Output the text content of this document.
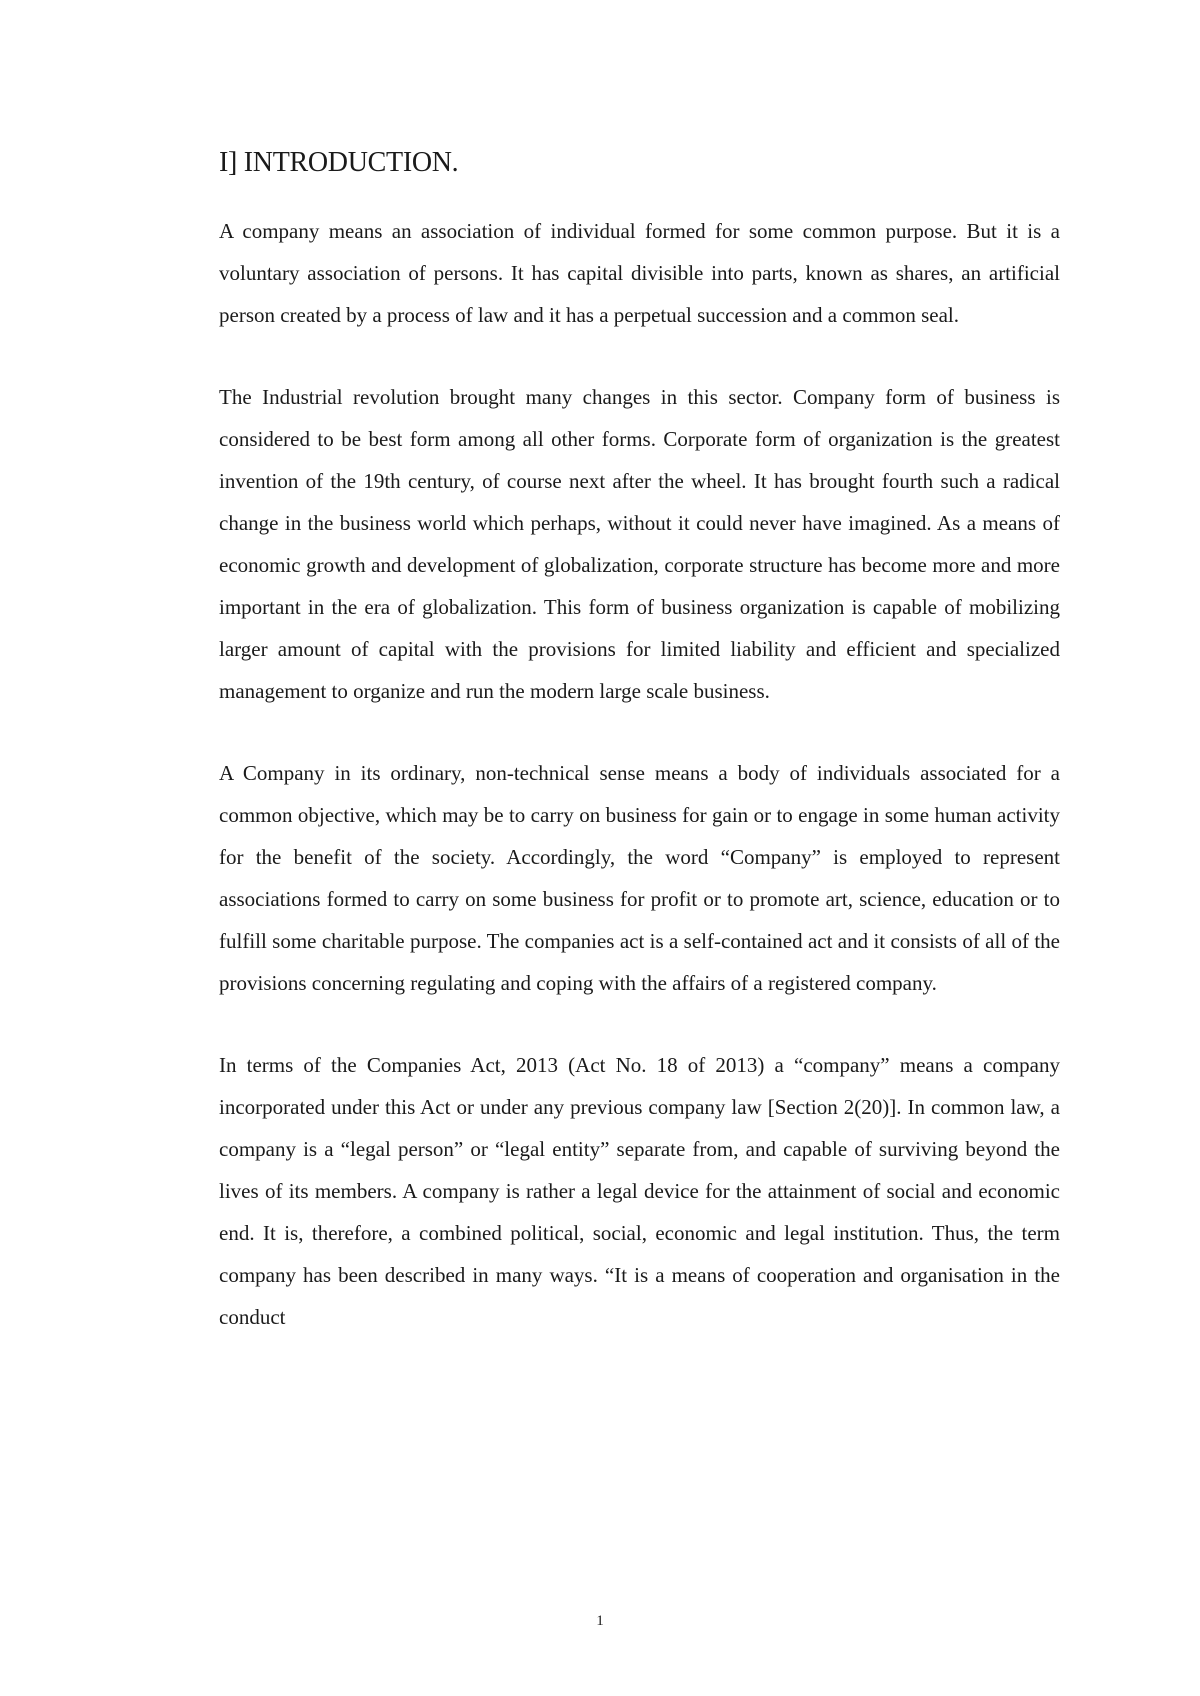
I] INTRODUCTION.

A company means an association of individual formed for some common purpose. But it is a voluntary association of persons. It has capital divisible into parts, known as shares, an artificial person created by a process of law and it has a perpetual succession and a common seal.

The Industrial revolution brought many changes in this sector. Company form of business is considered to be best form among all other forms. Corporate form of organization is the greatest invention of the 19th century, of course next after the wheel. It has brought fourth such a radical change in the business world which perhaps, without it could never have imagined. As a means of economic growth and development of globalization, corporate structure has become more and more important in the era of globalization. This form of business organization is capable of mobilizing larger amount of capital with the provisions for limited liability and efficient and specialized management to organize and run the modern large scale business.

A Company in its ordinary, non-technical sense means a body of individuals associated for a common objective, which may be to carry on business for gain or to engage in some human activity for the benefit of the society. Accordingly, the word “Company” is employed to represent associations formed to carry on some business for profit or to promote art, science, education or to fulfill some charitable purpose. The companies act is a self-contained act and it consists of all of the provisions concerning regulating and coping with the affairs of a registered company.

In terms of the Companies Act, 2013 (Act No. 18 of 2013) a “company” means a company incorporated under this Act or under any previous company law [Section 2(20)]. In common law, a company is a “legal person” or “legal entity” separate from, and capable of surviving beyond the lives of its members. A company is rather a legal device for the attainment of social and economic end. It is, therefore, a combined political, social, economic and legal institution. Thus, the term company has been described in many ways. “It is a means of cooperation and organisation in the conduct

1
